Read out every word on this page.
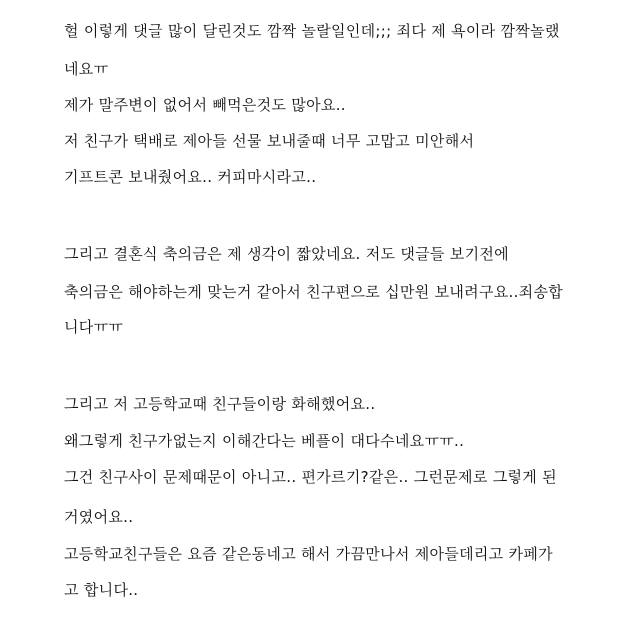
헐 이렇게 댓글 많이 달린것도 깜짝 놀랄일인데;;; 죄다 제 욕이라 깜짝놀랬
네요ㅠ
제가 말주변이 없어서 빼먹은것도 많아요..
저 친구가 택배로 제아들 선물 보내줄때 너무 고맙고 미안해서
기프트콘 보내줬어요.. 커피마시라고..
그리고 결혼식 축의금은 제 생각이 짧았네요. 저도 댓글들 보기전에
축의금은 해야하는게 맞는거 같아서 친구편으로 십만원 보내려구요..죄송합
니다ㅠㅠ
그리고 저 고등학교때 친구들이랑 화해했어요..
왜그렇게 친구가없는지 이해간다는 베플이 대다수네요ㅠㅠ..
그건 친구사이 문제때문이 아니고.. 편가르기?같은.. 그런문제로 그렇게 된
거였어요..
고등학교친구들은 요즘 같은동네고 해서 가끔만나서 제아들데리고 카페가
고 합니다..
